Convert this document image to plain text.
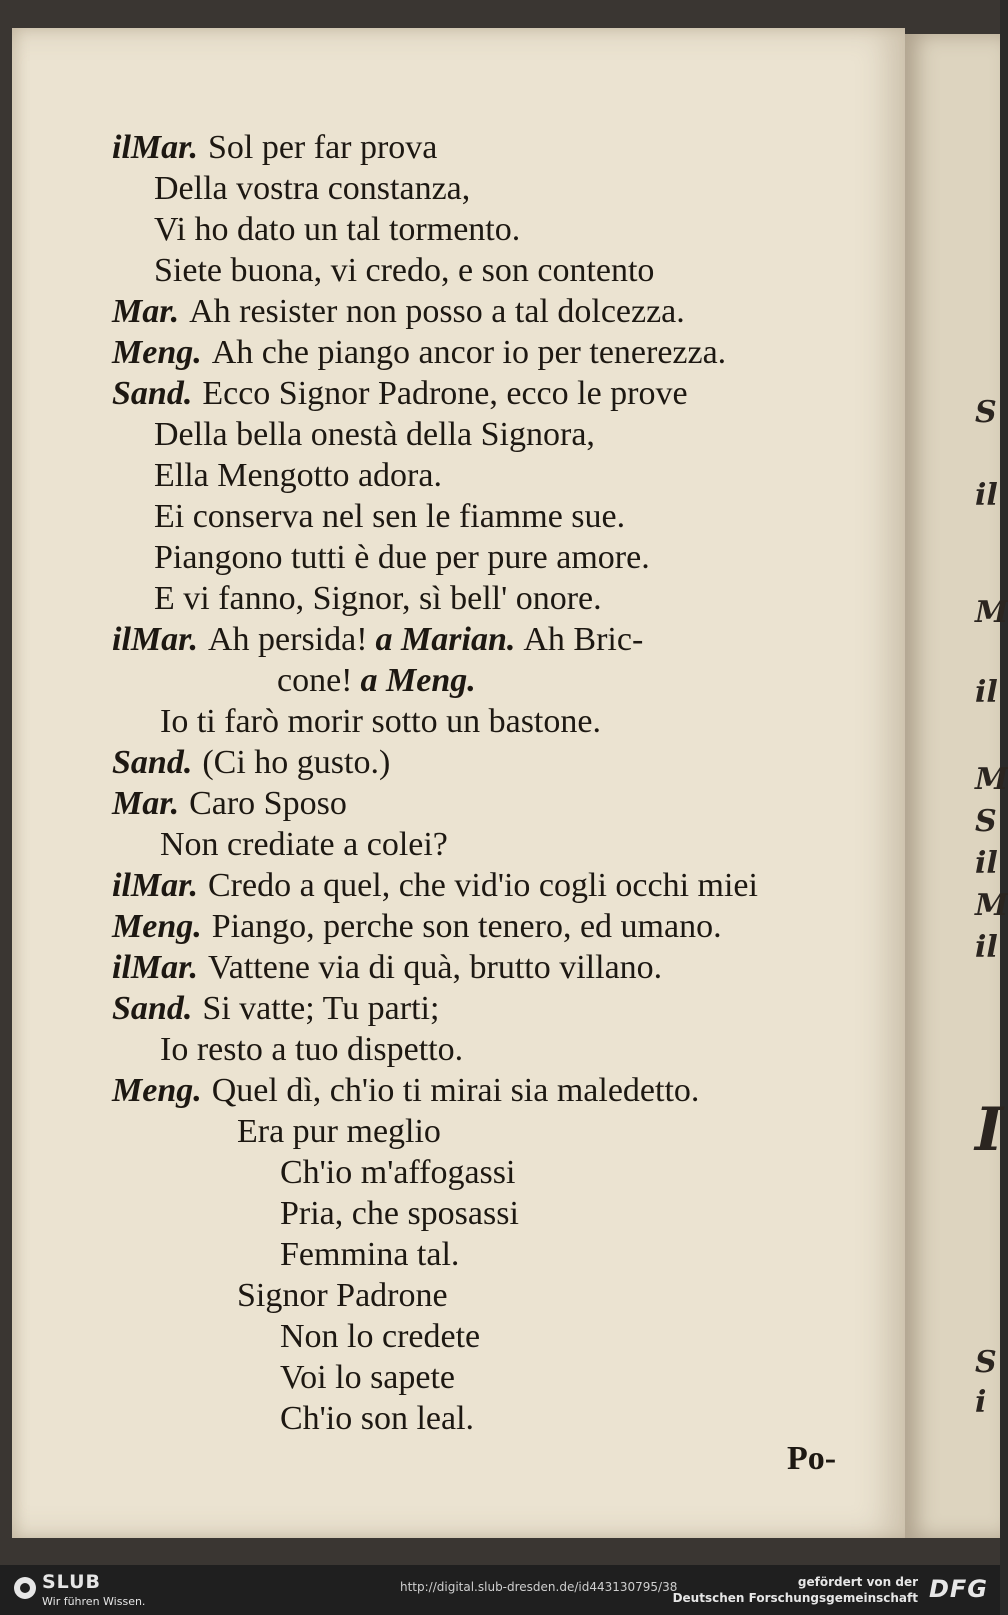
ilMar. Sol per far prova
Della vostra constanza,
Vi ho dato un tal tormento.
Siete buona, vi credo, e son contento
Mar. Ah resister non posso a tal dolcezza.
Meng. Ah che piango ancor io per tenerezza.
Sand. Ecco Signor Padrone, ecco le prove
Della bella onestà della Signora,
Ella Mengotto adora.
Ei conserva nel sen le fiamme sue.
Piangono tutti è due per pure amore.
E vi fanno, Signor, sì bell' onore.
ilMar. Ah persida! a Marian. Ah Bric-
cone! a Meng.
Io ti farò morir sotto un bastone.
Sand. (Ci ho gusto.)
Mar. Caro Sposo
Non crediate a colei?
ilMar. Credo a quel, che vid'io cogli occhi miei
Meng. Piango, perche son tenero, ed umano.
ilMar. Vattene via di quà, brutto villano.
Sand. Si vatte; Tu parti;
Io resto a tuo dispetto.
Meng. Quel dì, ch'io ti mirai sia maledetto.
Era pur meglio
Ch'io m'affogassi
Pria, che sposassi
Femmina tal.
Signor Padrone
Non lo credete
Voi lo sapete
Ch'io son leal.
Po-
S
il
M
il
M
S
il
M
il
I
S
i
SLUB
Wir führen Wissen.
http://digital.slub-dresden.de/id443130795/38	gefördert von der
Deutschen Forschungsgemeinschaft DFG
